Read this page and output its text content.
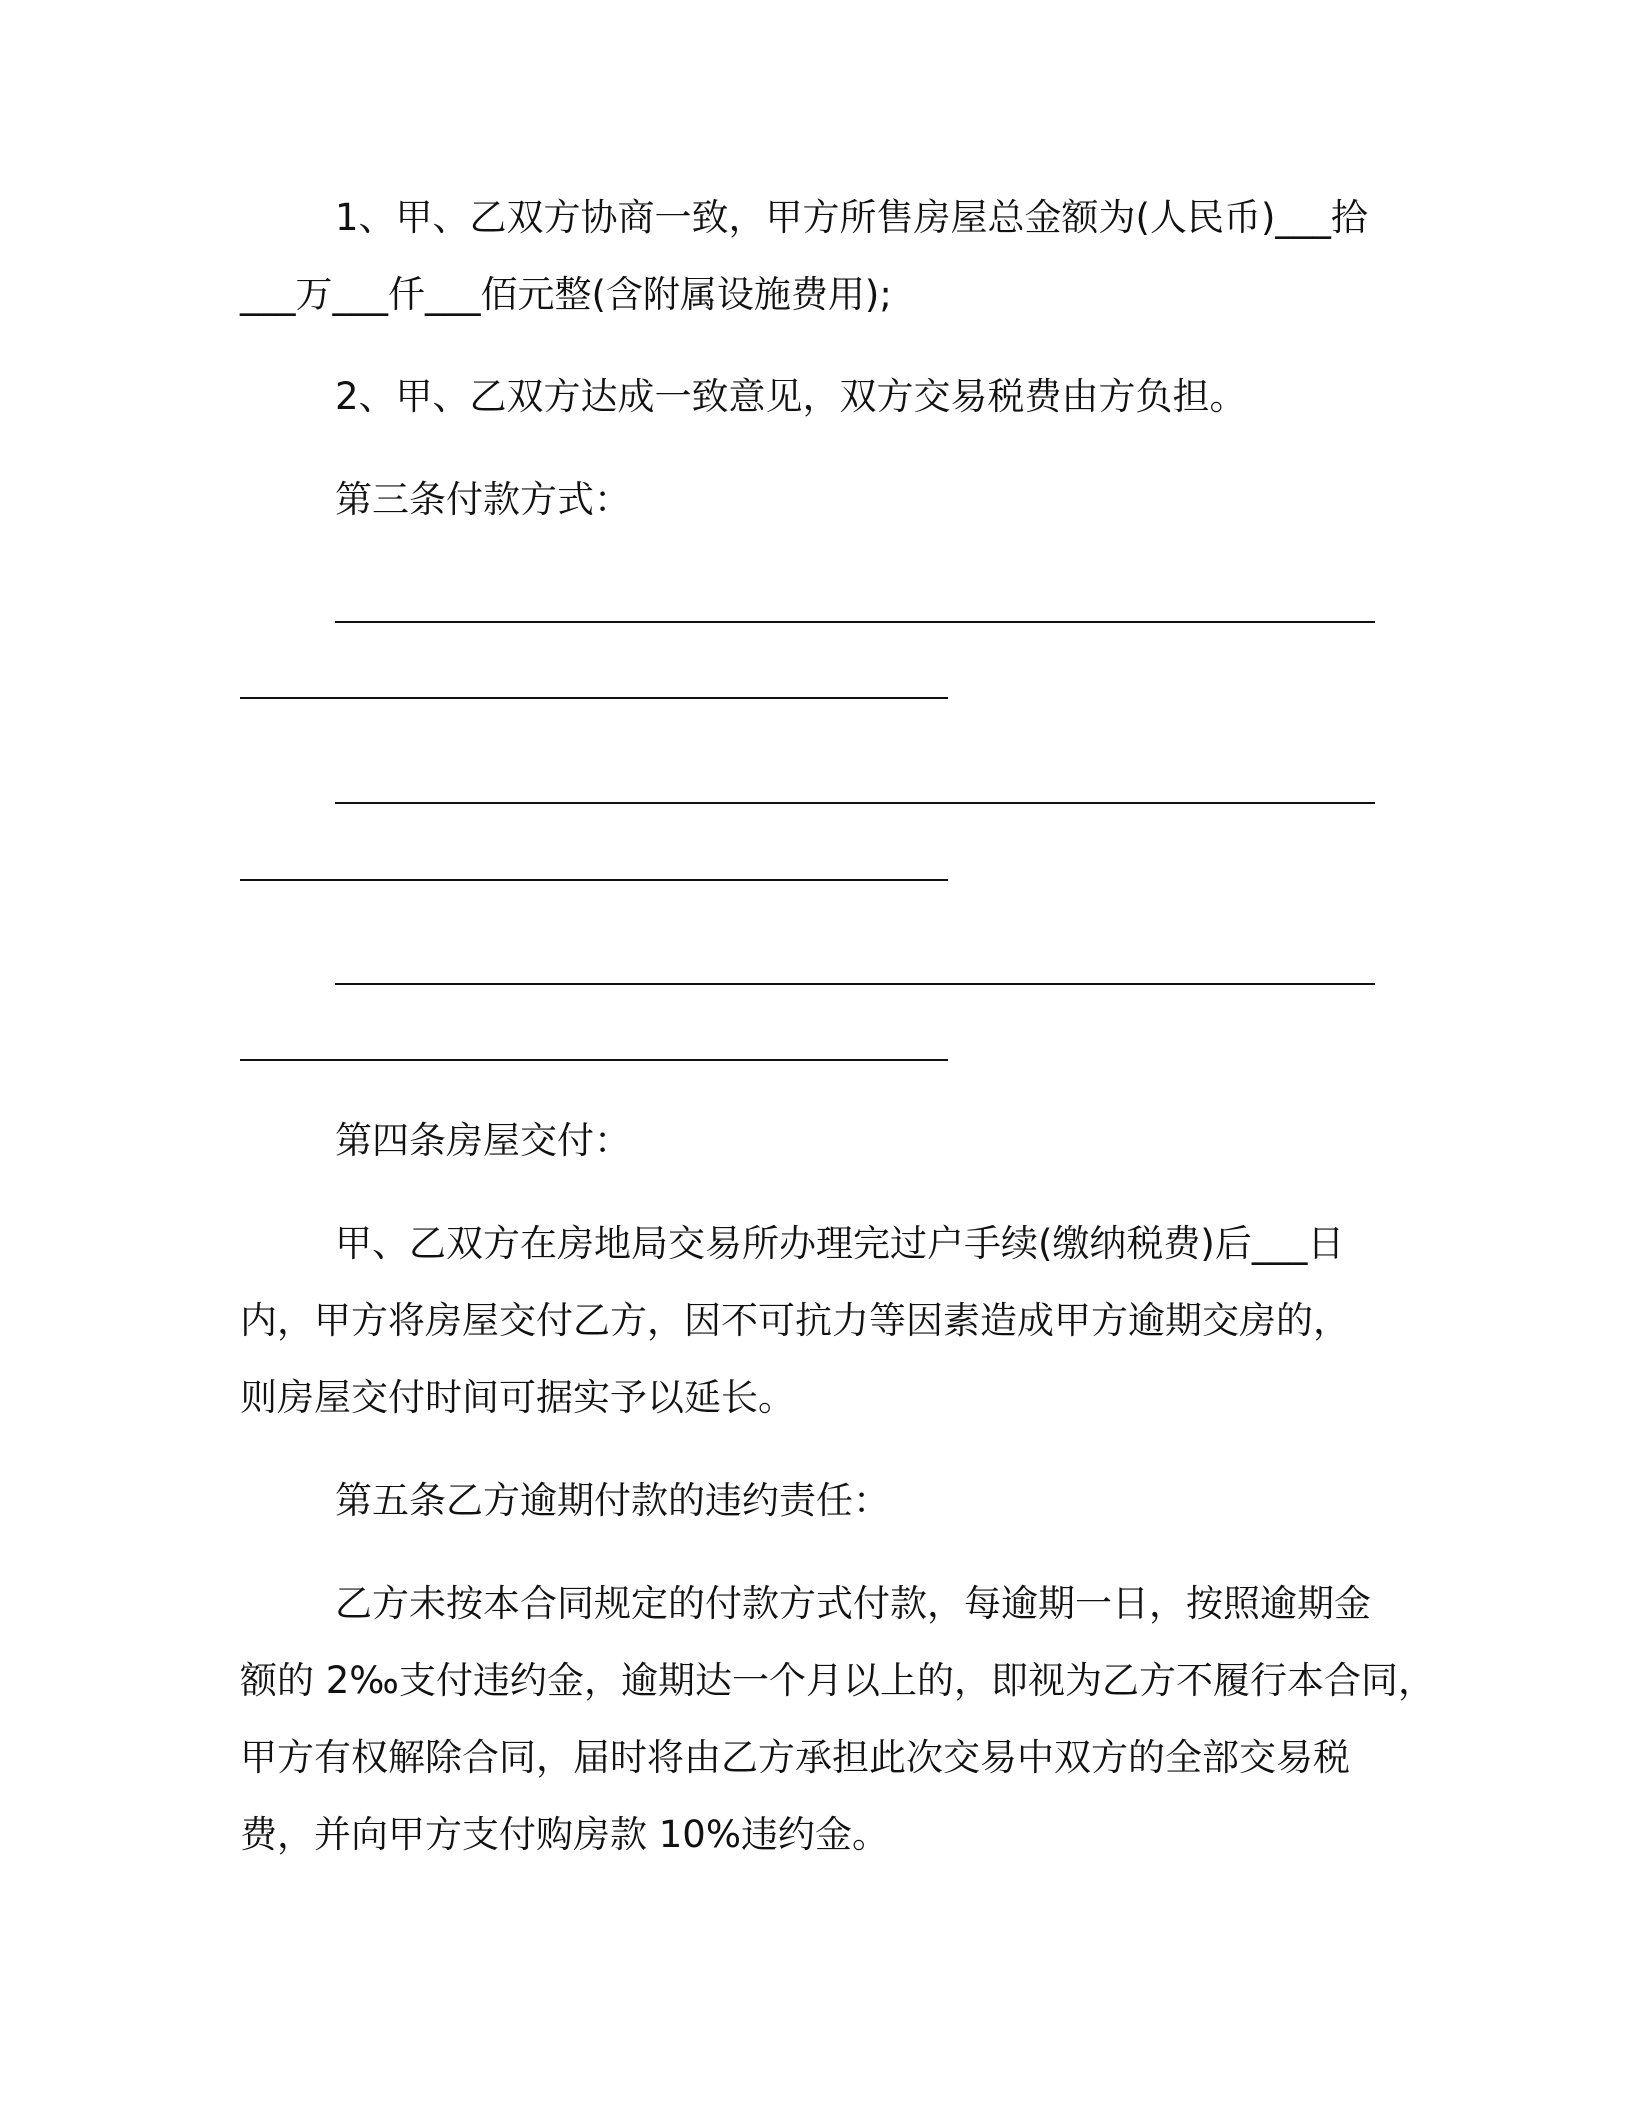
1、甲、乙双方协商一致，甲方所售房屋总金额为(人民币)___拾
___万___仟___佰元整(含附属设施费用);
2、甲、乙双方达成一致意见，双方交易税费由方负担。
第三条付款方式：
第四条房屋交付：
甲、乙双方在房地局交易所办理完过户手续(缴纳税费)后___日
内，甲方将房屋交付乙方，因不可抗力等因素造成甲方逾期交房的，
则房屋交付时间可据实予以延长。
第五条乙方逾期付款的违约责任：
乙方未按本合同规定的付款方式付款，每逾期一日，按照逾期金
额的 2‰支付违约金，逾期达一个月以上的，即视为乙方不履行本合同，
甲方有权解除合同，届时将由乙方承担此次交易中双方的全部交易税
费，并向甲方支付购房款 10%违约金。
